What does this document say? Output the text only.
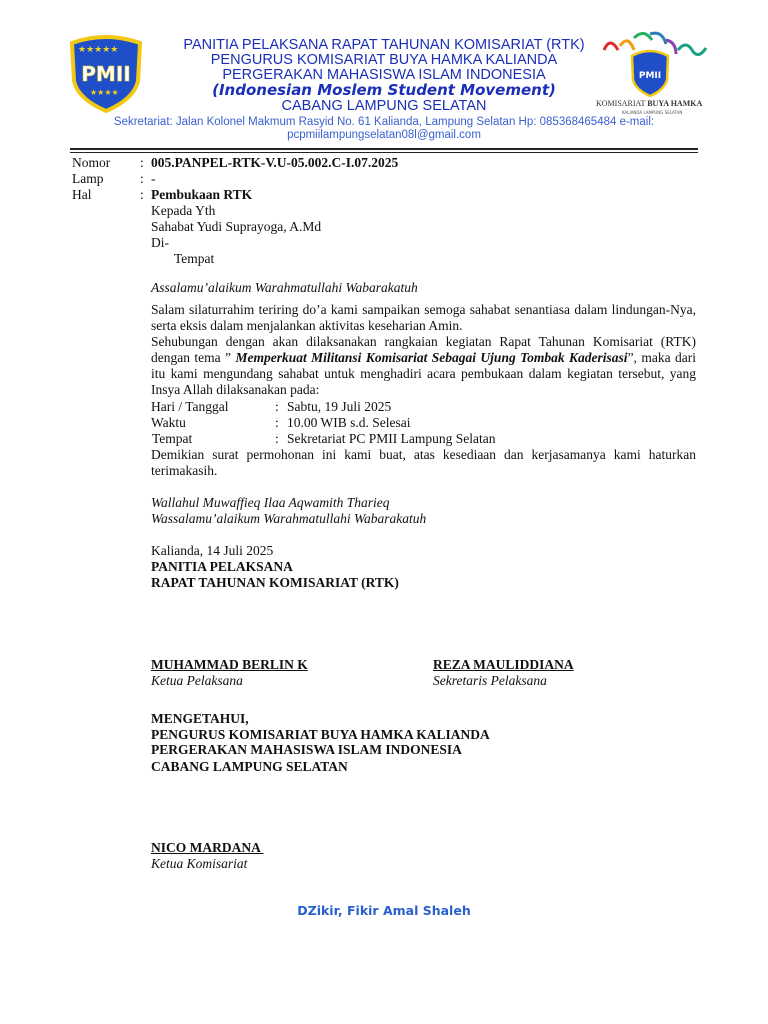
★★★★★
PMII
★★★★
PMII
KOMISARIAT BUYA HAMKA
KALIANDA LAMPUNG SELATAN
PANITIA PELAKSANA RAPAT TAHUNAN KOMISARIAT (RTK)
PENGURUS KOMISARIAT BUYA HAMKA KALIANDA
PERGERAKAN MAHASISWA ISLAM INDONESIA
(Indonesian Moslem Student Movement)
CABANG LAMPUNG SELATAN
Sekretariat: Jalan Kolonel Makmum Rasyid No. 61 Kalianda, Lampung Selatan Hp: 085368465484 e-mail:
pcpmiilampungselatan08l@gmail.com
Nomor : 005.PANPEL-RTK-V.U-05.002.C-I.07.2025
Lamp	: -
Hal	: Pembukaan RTK
Kepada Yth
Sahabat Yudi Suprayoga, A.Md
Di-
Tempat
Assalamu’alaikum Warahmatullahi Wabarakatuh
Salam silaturrahim teriring do’a kami sampaikan semoga sahabat senantiasa dalam lindungan-Nya, serta eksis dalam menjalankan aktivitas keseharian Amin.
Sehubungan dengan akan dilaksanakan rangkaian kegiatan Rapat Tahunan Komisariat (RTK) dengan tema ” Memperkuat Militansi Komisariat Sebagai Ujung Tombak Kaderisasi”, maka dari itu kami mengundang sahabat untuk menghadiri acara pembukaan dalam kegiatan tersebut, yang Insya Allah dilaksanakan pada:
Hari / Tanggal	: Sabtu, 19 Juli 2025
Waktu	: 10.00 WIB s.d. Selesai
Tempat	: Sekretariat PC PMII Lampung Selatan
Demikian surat permohonan ini kami buat, atas kesediaan dan kerjasamanya kami haturkan terimakasih.
Wallahul Muwaffieq Ilaa Aqwamith Tharieq
Wassalamu’alaikum Warahmatullahi Wabarakatuh
Kalianda, 14 Juli 2025
PANITIA PELAKSANA
RAPAT TAHUNAN KOMISARIAT (RTK)
MUHAMMAD BERLIN K
Ketua Pelaksana
REZA MAULIDDIANA
Sekretaris Pelaksana
MENGETAHUI,
PENGURUS KOMISARIAT BUYA HAMKA KALIANDA
PERGERAKAN MAHASISWA ISLAM INDONESIA
CABANG LAMPUNG SELATAN
NICO MARDANA
Ketua Komisariat
DZikir, Fikir Amal Shaleh
